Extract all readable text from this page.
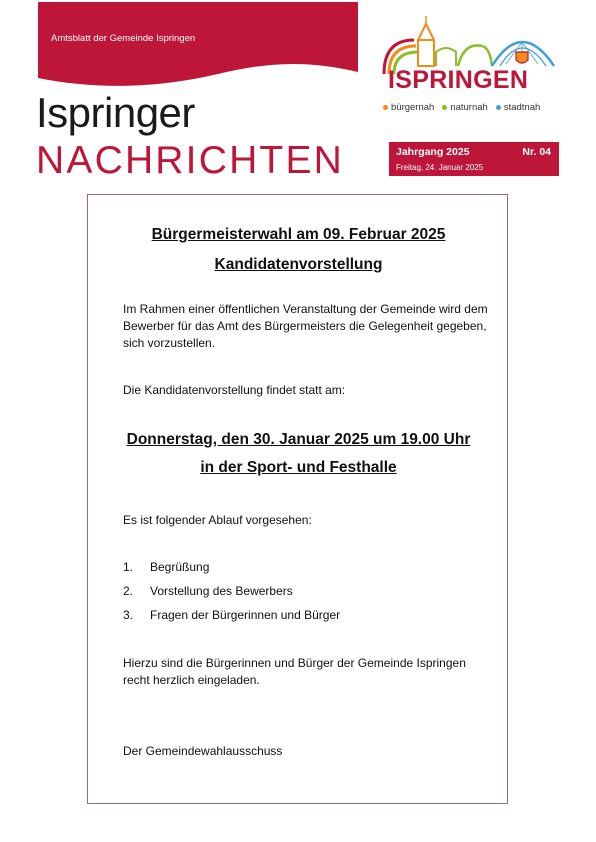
Amtsblatt der Gemeinde Ispringen
Ispringer
NACHRICHTEN
ISPRINGEN
bürgernah	naturnah	stadtnah
Jahrgang 2025	Nr. 04
Freitag, 24. Januar 2025
Bürgermeisterwahl am 09. Februar 2025
Kandidatenvorstellung
Im Rahmen einer öffentlichen Veranstaltung der Gemeinde wird dem Bewerber für das Amt des Bürgermeisters die Gelegenheit gegeben, sich vorzustellen.
Die Kandidatenvorstellung findet statt am:
Donnerstag, den 30. Januar 2025 um 19.00 Uhr
in der Sport- und Festhalle
Es ist folgender Ablauf vorgesehen:
1. Begrüßung
2. Vorstellung des Bewerbers
3. Fragen der Bürgerinnen und Bürger
Hierzu sind die Bürgerinnen und Bürger der Gemeinde Ispringen recht herzlich eingeladen.
Der Gemeindewahlausschuss
